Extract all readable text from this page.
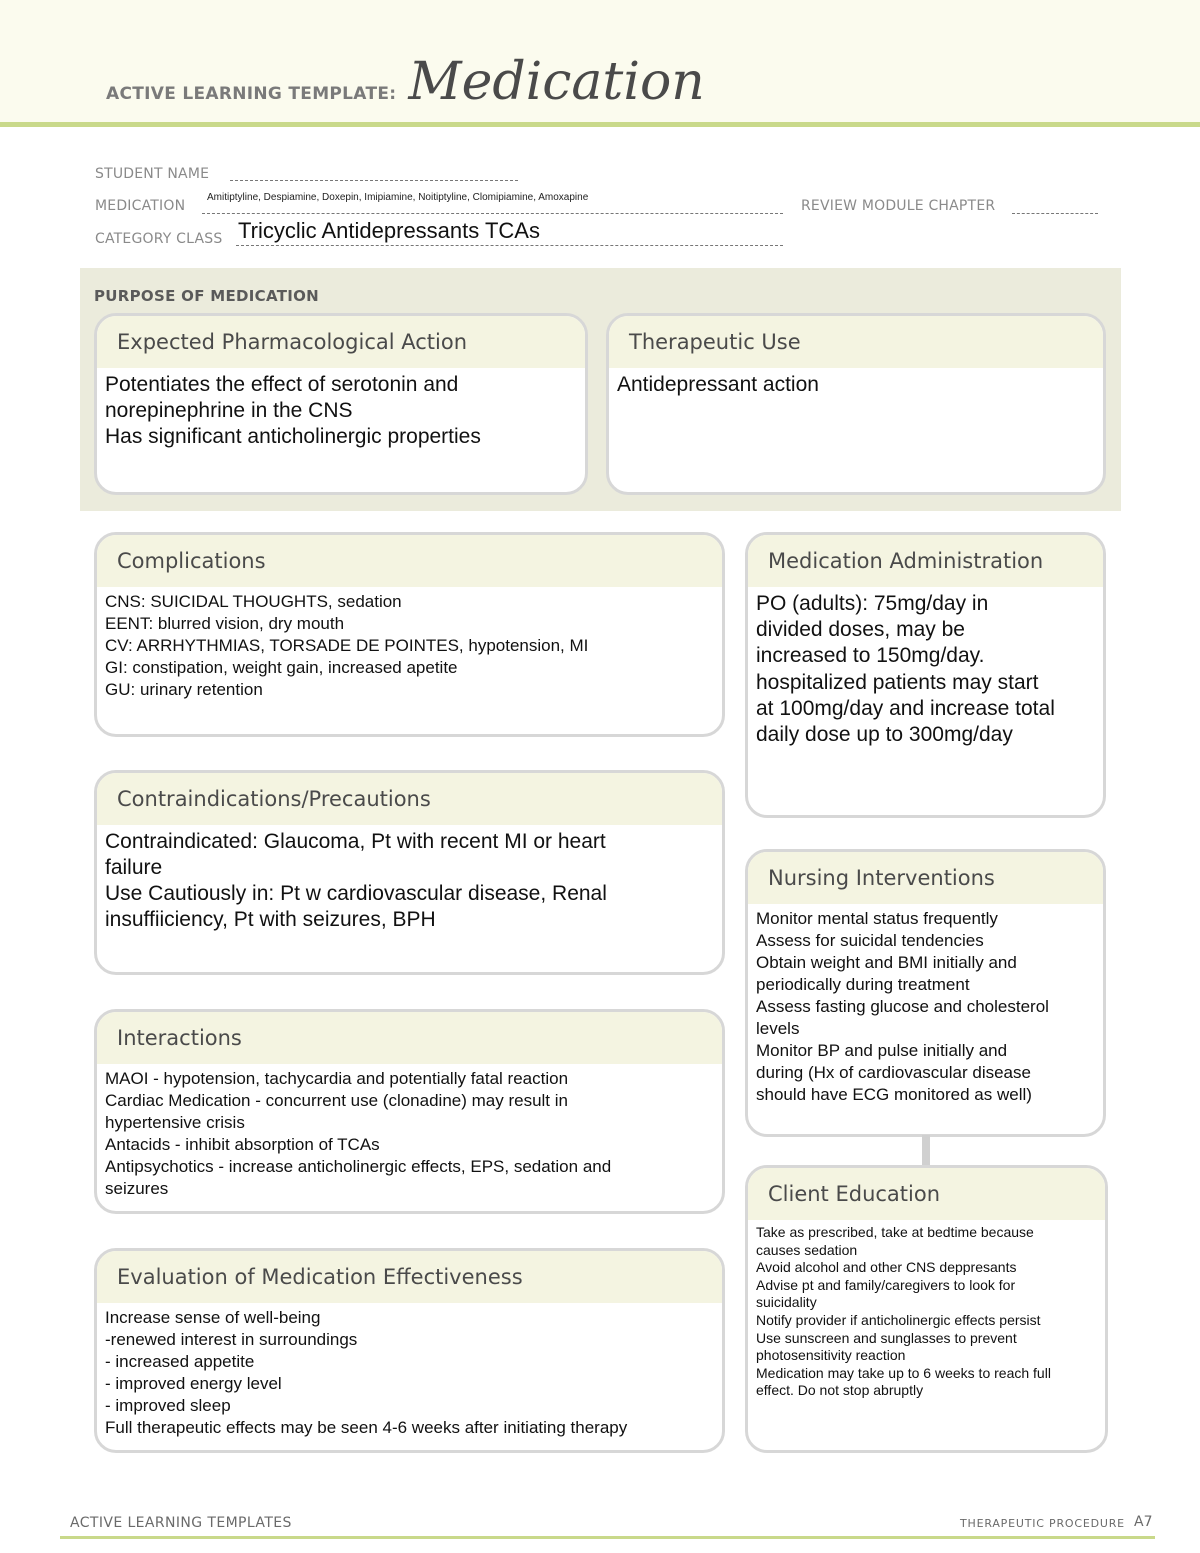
ACTIVE LEARNING TEMPLATE: Medication
STUDENT NAME
MEDICATION
Amitiptyline, Despiamine, Doxepin, Imipiamine, Noitiptyline, Clomipiamine, Amoxapine
REVIEW MODULE CHAPTER
CATEGORY CLASS Tricyclic Antidepressants TCAs
PURPOSE OF MEDICATION
Expected Pharmacological Action
Potentiates the effect of serotonin and
norepinephrine in the CNS
Has significant anticholinergic properties
Therapeutic Use
Antidepressant action
Complications
CNS: SUICIDAL THOUGHTS, sedation
EENT: blurred vision, dry mouth
CV: ARRHYTHMIAS, TORSADE DE POINTES, hypotension, MI
GI: constipation, weight gain, increased apetite
GU: urinary retention
Medication Administration
PO (adults): 75mg/day in
divided doses, may be
increased to 150mg/day.
hospitalized patients may start
at 100mg/day and increase total
daily dose up to 300mg/day
Contraindications/Precautions
Contraindicated: Glaucoma, Pt with recent MI or heart
failure
Use Cautiously in: Pt w cardiovascular disease, Renal
insuffiiciency, Pt with seizures, BPH
Nursing Interventions
Monitor mental status frequently
Assess for suicidal tendencies
Obtain weight and BMI initially and
periodically during treatment
Assess fasting glucose and cholesterol
levels
Monitor BP and pulse initially and
during (Hx of cardiovascular disease
should have ECG monitored as well)
Interactions
MAOI - hypotension, tachycardia and potentially fatal reaction
Cardiac Medication - concurrent use (clonadine) may result in
hypertensive crisis
Antacids - inhibit absorption of TCAs
Antipsychotics - increase anticholinergic effects, EPS, sedation and
seizures	Client Education
Take as prescribed, take at bedtime because
causes sedation
Avoid alcohol and other CNS deppresants
Advise pt and family/caregivers to look for
suicidality
Notify provider if anticholinergic effects persist
Use sunscreen and sunglasses to prevent
photosensitivity reaction
Medication may take up to 6 weeks to reach full
effect. Do not stop abruptly
Evaluation of Medication Effectiveness
Increase sense of well-being
-renewed interest in surroundings
- increased appetite
- improved energy level
- improved sleep
Full therapeutic effects may be seen 4-6 weeks after initiating therapy
ACTIVE LEARNING TEMPLATES	THERAPEUTIC PROCEDURE A7
